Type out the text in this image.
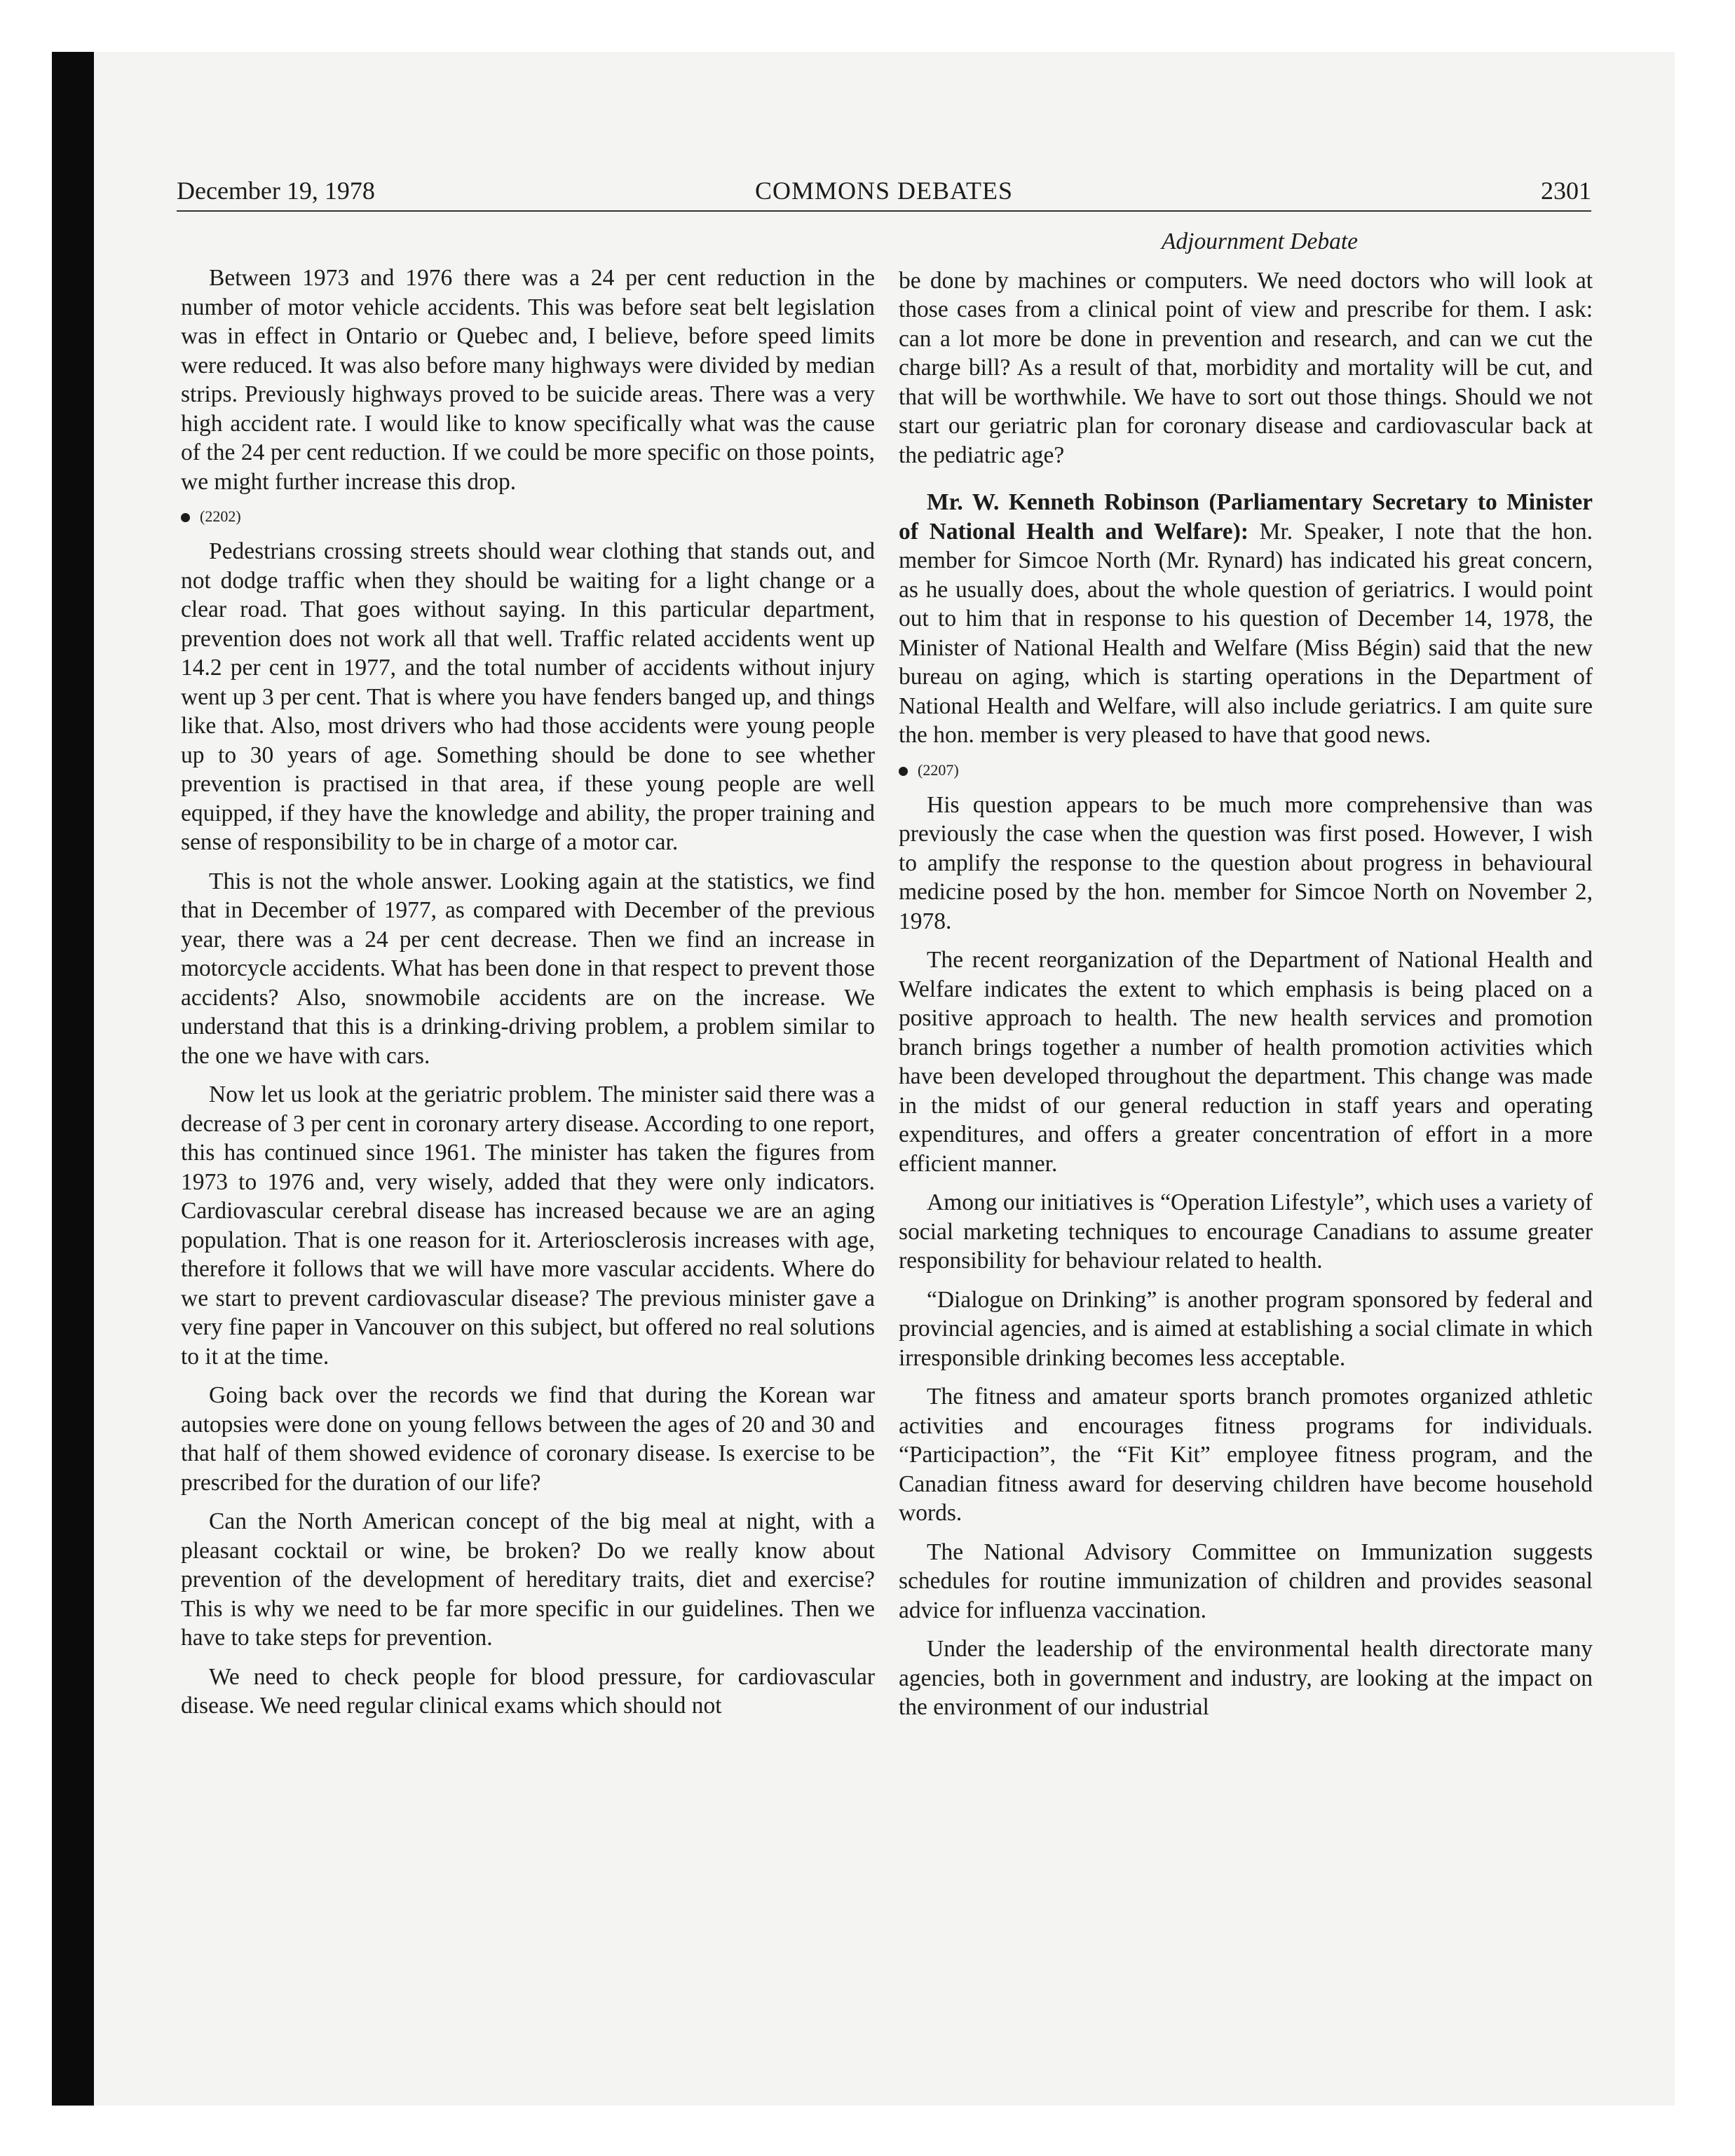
December 19, 1978	COMMONS DEBATES	2301

Between 1973 and 1976 there was a 24 per cent reduction in the number of motor vehicle accidents. This was before seat belt legislation was in effect in Ontario or Quebec and, I believe, before speed limits were reduced. It was also before many highways were divided by median strips. Previously highways proved to be suicide areas. There was a very high accident rate. I would like to know specifically what was the cause of the 24 per cent reduction. If we could be more specific on those points, we might further increase this drop.

(2202)

Pedestrians crossing streets should wear clothing that stands out, and not dodge traffic when they should be waiting for a light change or a clear road. That goes without saying. In this particular department, prevention does not work all that well. Traffic related accidents went up 14.2 per cent in 1977, and the total number of accidents without injury went up 3 per cent. That is where you have fenders banged up, and things like that. Also, most drivers who had those accidents were young people up to 30 years of age. Something should be done to see whether prevention is practised in that area, if these young people are well equipped, if they have the knowledge and ability, the proper training and sense of responsibility to be in charge of a motor car.

This is not the whole answer. Looking again at the statistics, we find that in December of 1977, as compared with December of the previous year, there was a 24 per cent decrease. Then we find an increase in motorcycle accidents. What has been done in that respect to prevent those accidents? Also, snowmobile accidents are on the increase. We understand that this is a drinking-driving problem, a problem similar to the one we have with cars.

Now let us look at the geriatric problem. The minister said there was a decrease of 3 per cent in coronary artery disease. According to one report, this has continued since 1961. The minister has taken the figures from 1973 to 1976 and, very wisely, added that they were only indicators. Cardiovascular cerebral disease has increased because we are an aging population. That is one reason for it. Arteriosclerosis increases with age, therefore it follows that we will have more vascular accidents. Where do we start to prevent cardiovascular disease? The previous minister gave a very fine paper in Vancouver on this subject, but offered no real solutions to it at the time.

Going back over the records we find that during the Korean war autopsies were done on young fellows between the ages of 20 and 30 and that half of them showed evidence of coronary disease. Is exercise to be prescribed for the duration of our life?

Can the North American concept of the big meal at night, with a pleasant cocktail or wine, be broken? Do we really know about prevention of the development of hereditary traits, diet and exercise? This is why we need to be far more specific in our guidelines. Then we have to take steps for prevention.

We need to check people for blood pressure, for cardiovascular disease. We need regular clinical exams which should not

Adjournment Debate

be done by machines or computers. We need doctors who will look at those cases from a clinical point of view and prescribe for them. I ask: can a lot more be done in prevention and research, and can we cut the charge bill? As a result of that, morbidity and mortality will be cut, and that will be worthwhile. We have to sort out those things. Should we not start our geriatric plan for coronary disease and cardiovascular back at the pediatric age?

Mr. W. Kenneth Robinson (Parliamentary Secretary to Minister of National Health and Welfare): Mr. Speaker, I note that the hon. member for Simcoe North (Mr. Rynard) has indicated his great concern, as he usually does, about the whole question of geriatrics. I would point out to him that in response to his question of December 14, 1978, the Minister of National Health and Welfare (Miss Bégin) said that the new bureau on aging, which is starting operations in the Department of National Health and Welfare, will also include geriatrics. I am quite sure the hon. member is very pleased to have that good news.

(2207)

His question appears to be much more comprehensive than was previously the case when the question was first posed. However, I wish to amplify the response to the question about progress in behavioural medicine posed by the hon. member for Simcoe North on November 2, 1978.

The recent reorganization of the Department of National Health and Welfare indicates the extent to which emphasis is being placed on a positive approach to health. The new health services and promotion branch brings together a number of health promotion activities which have been developed throughout the department. This change was made in the midst of our general reduction in staff years and operating expenditures, and offers a greater concentration of effort in a more efficient manner.

Among our initiatives is “Operation Lifestyle”, which uses a variety of social marketing techniques to encourage Canadians to assume greater responsibility for behaviour related to health.

“Dialogue on Drinking” is another program sponsored by federal and provincial agencies, and is aimed at establishing a social climate in which irresponsible drinking becomes less acceptable.

The fitness and amateur sports branch promotes organized athletic activities and encourages fitness programs for individuals. “Participaction”, the “Fit Kit” employee fitness program, and the Canadian fitness award for deserving children have become household words.

The National Advisory Committee on Immunization suggests schedules for routine immunization of children and provides seasonal advice for influenza vaccination.

Under the leadership of the environmental health directorate many agencies, both in government and industry, are looking at the impact on the environment of our industrial
